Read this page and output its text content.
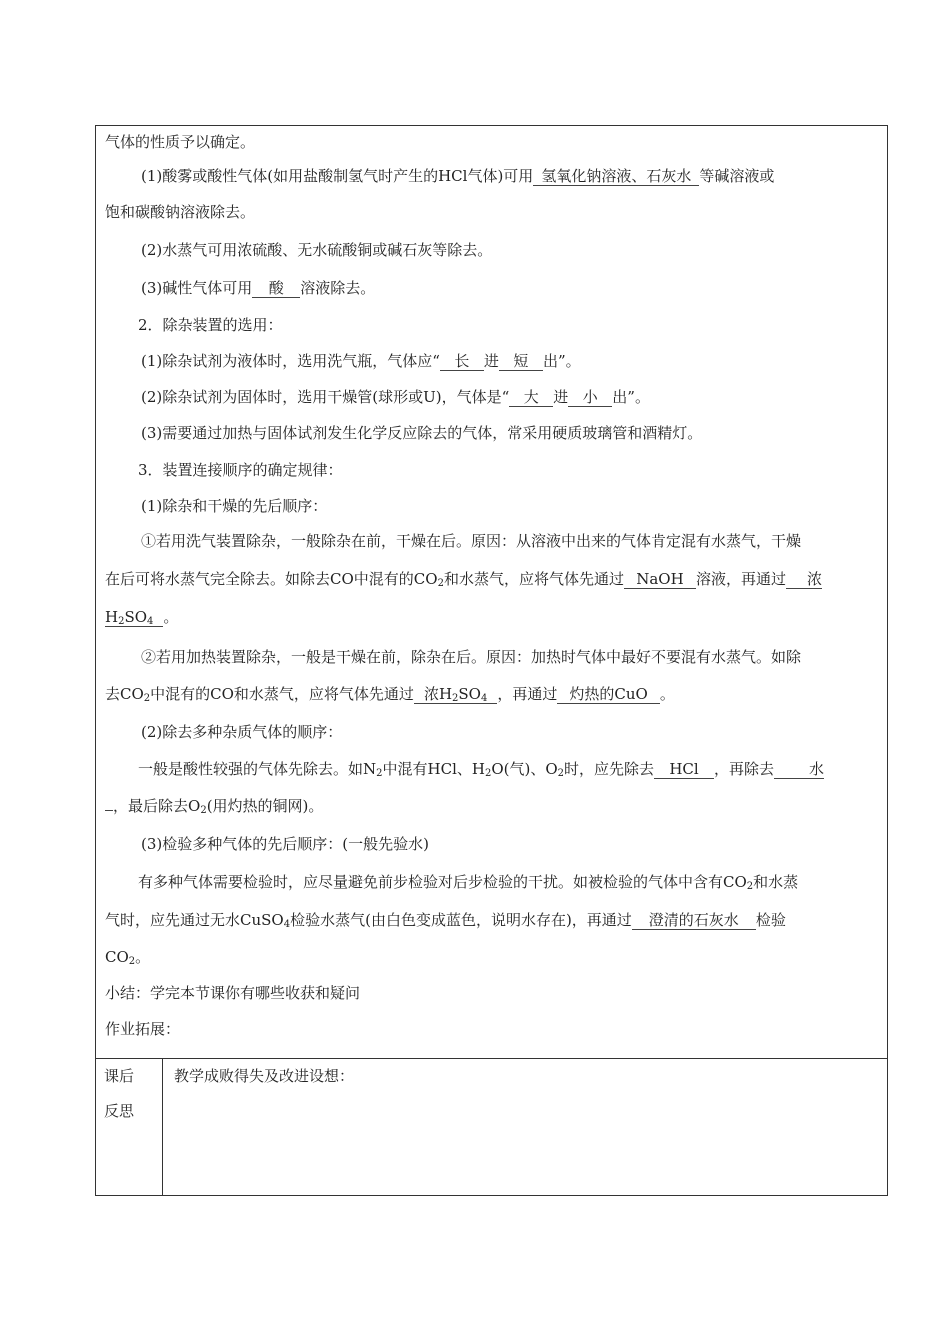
气体的性质予以确定。
(1)酸雾或酸性气体(如用盐酸制氢气时产生的HCl气体)可用 氢氧化钠溶液、石灰水 等碱溶液或
饱和碳酸钠溶液除去。
(2)水蒸气可用浓硫酸、无水硫酸铜或碱石灰等除去。
(3)碱性气体可用 酸 溶液除去。
2．除杂装置的选用：
(1)除杂试剂为液体时，选用洗气瓶，气体应“ 长 进 短 出”。
(2)除杂试剂为固体时，选用干燥管(球形或U)，气体是“ 大 进 小 出”。
(3)需要通过加热与固体试剂发生化学反应除去的气体，常采用硬质玻璃管和酒精灯。
3．装置连接顺序的确定规律：
(1)除杂和干燥的先后顺序：
①若用洗气装置除杂，一般除杂在前，干燥在后。原因：从溶液中出来的气体肯定混有水蒸气，干燥
在后可将水蒸气完全除去。如除去CO中混有的$CO_2$和水蒸气，应将气体先通过 NaOH 溶液，再通过 浓
$H_2SO_4$ 。
②若用加热装置除杂，一般是干燥在前，除杂在后。原因：加热时气体中最好不要混有水蒸气。如除
去$CO_2$中混有的CO和水蒸气，应将气体先通过 浓$H_2SO_4$ ，再通过 灼热的CuO 。
(2)除去多种杂质气体的顺序：
一般是酸性较强的气体先除去。如$N_2$中混有HCl、$H_2O$(气)、$O_2$时，应先除去 HCl ，再除去 水
，最后除去$O_2$(用灼热的铜网)。
(3)检验多种气体的先后顺序：(一般先验水)
有多种气体需要检验时，应尽量避免前步检验对后步检验的干扰。如被检验的气体中含有$CO_2$和水蒸
气时，应先通过无水CuSO$_4$检验水蒸气(由白色变成蓝色，说明水存在)，再通过 澄清的石灰水 检验
$CO_2$。
小结：学完本节课你有哪些收获和疑问
作业拓展：
课后
反思
教学成败得失及改进设想：
